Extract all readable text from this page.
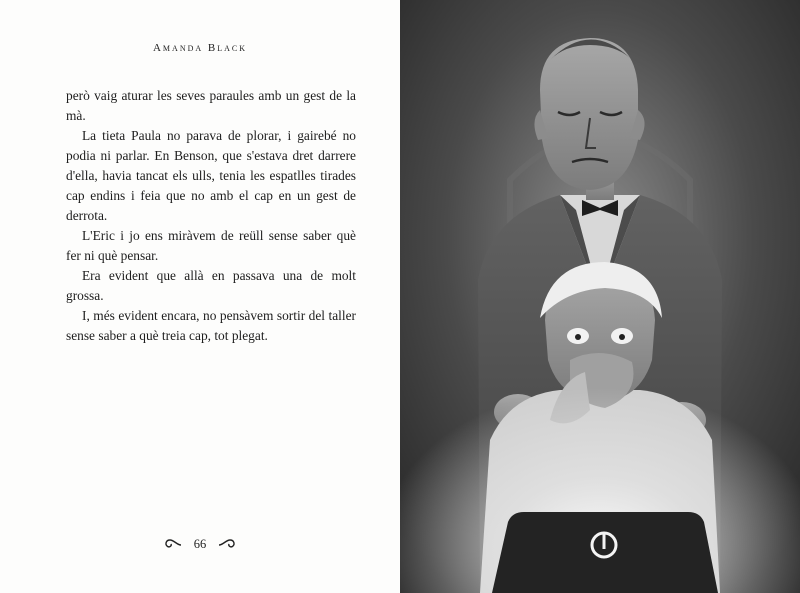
Amanda Black

però vaig aturar les seves paraules amb un gest de la mà.

La tieta Paula no parava de plorar, i gairebé no podia ni parlar. En Benson, que s'estava dret darrere d'ella, havia tancat els ulls, tenia les espatlles tirades cap endins i feia que no amb el cap en un gest de derrota.

L'Eric i jo ens miràvem de reüll sense saber què fer ni què pensar.

Era evident que allà en passava una de molt grossa.

I, més evident encara, no pensàvem sortir del taller sense saber a què treia cap, tot plegat.

66
